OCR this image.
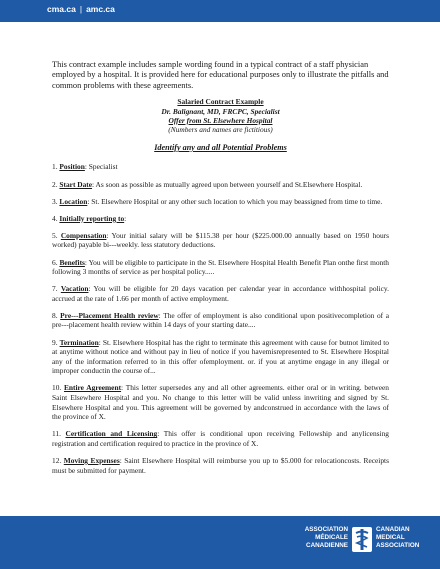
cma.ca | amc.ca

This contract example includes sample wording found in a typical contract of a staff physician employed by a hospital. It is provided here for educational purposes only to illustrate the pitfalls and common problems with these agreements.

Salaried Contract Example
Dr. Balignant, MD, FRCPC, Specialist
Offer from St. Elsewhere Hospital
(Numbers and names are fictitious)
Identify any and all Potential Problems

1. Position: Specialist

2. Start Date: As soon as possible as mutually agreed upon between yourself and St.Elsewhere Hospital.

3. Location: St. Elsewhere Hospital or any other such location to which you may beassigned from time to time.

4. Initially reporting to:

5. Compensation: Your initial salary will be $115.38 per hour ($225.000.00 annually based on 1950 hours worked) payable bi---weekly. less statutory deductions.

6. Benefits: You will be eligible to participate in the St. Elsewhere Hospital Health Benefit Plan onthe first month following 3 months of service as per hospital policy.....

7. Vacation: You will be eligible for 20 days vacation per calendar year in accordance withhospital policy. accrued at the rate of 1.66 per month of active employment.

8. Pre---Placement Health review: The offer of employment is also conditional upon positivecompletion of a pre---placement health review within 14 days of your starting date....

9. Termination: St. Elsewhere Hospital has the right to terminate this agreement with cause for butnot limited to at anytime without notice and without pay in lieu of notice if you havemisrepresented to St. Elsewhere Hospital any of the information referred to in this offer ofemployment. or. if you at anytime engage in any illegal or improper conductin the course of...

10. Entire Agreement: This letter supersedes any and all other agreements. either oral or in writing. between Saint Elsewhere Hospital and you. No change to this letter will be valid unless inwriting and signed by St. Elsewhere Hospital and you. This agreement will be governed by andconstrued in accordance with the laws of the province of X.

11. Certification and Licensing: This offer is conditional upon receiving Fellowship and anylicensing registration and certification required to practice in the province of X.

12. Moving Expenses: Saint Elsewhere Hospital will reimburse you up to $5.000 for relocationcosts. Receipts must be submitted for payment.

ASSOCIATION
MÉDICALE
CANADIENNE
CANADIAN
MEDICAL
ASSOCIATION
